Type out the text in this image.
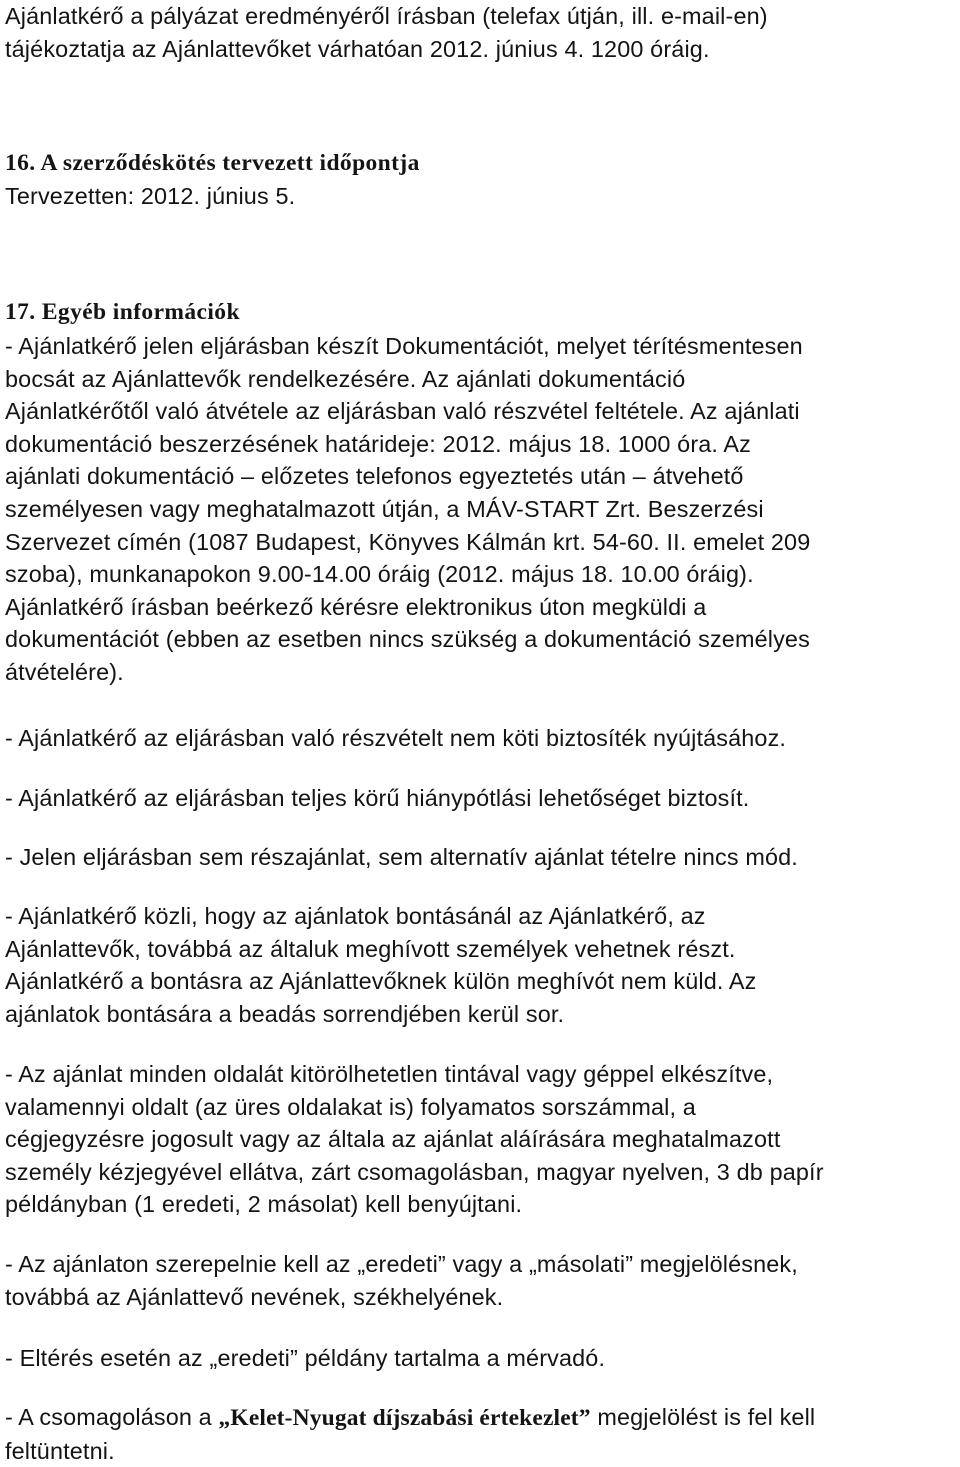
Ajánlatkérő a pályázat eredményéről írásban (telefax útján, ill. e-mail-en)

tájékoztatja az Ajánlattevőket várhatóan 2012. június 4. 1200 óráig.

16. A szerződéskötés tervezett időpontja

Tervezetten: 2012. június 5.

17. Egyéb információk

- Ajánlatkérő jelen eljárásban készít Dokumentációt, melyet térítésmentesen

bocsát az Ajánlattevők rendelkezésére. Az ajánlati dokumentáció

Ajánlatkérőtől való átvétele az eljárásban való részvétel feltétele. Az ajánlati

dokumentáció beszerzésének határideje: 2012. május 18. 1000 óra. Az

ajánlati dokumentáció – előzetes telefonos egyeztetés után – átvehető

személyesen vagy meghatalmazott útján, a MÁV-START Zrt. Beszerzési

Szervezet címén (1087 Budapest, Könyves Kálmán krt. 54-60. II. emelet 209

szoba), munkanapokon 9.00-14.00 óráig (2012. május 18. 10.00 óráig).

Ajánlatkérő írásban beérkező kérésre elektronikus úton megküldi a

dokumentációt (ebben az esetben nincs szükség a dokumentáció személyes

átvételére).

- Ajánlatkérő az eljárásban való részvételt nem köti biztosíték nyújtásához.

- Ajánlatkérő az eljárásban teljes körű hiánypótlási lehetőséget biztosít.

- Jelen eljárásban sem részajánlat, sem alternatív ajánlat tételre nincs mód.

- Ajánlatkérő közli, hogy az ajánlatok bontásánál az Ajánlatkérő, az

Ajánlattevők, továbbá az általuk meghívott személyek vehetnek részt.

Ajánlatkérő a bontásra az Ajánlattevőknek külön meghívót nem küld. Az

ajánlatok bontására a beadás sorrendjében kerül sor.

- Az ajánlat minden oldalát kitörölhetetlen tintával vagy géppel elkészítve,

valamennyi oldalt (az üres oldalakat is) folyamatos sorszámmal, a

cégjegyzésre jogosult vagy az általa az ajánlat aláírására meghatalmazott

személy kézjegyével ellátva, zárt csomagolásban, magyar nyelven, 3 db papír

példányban (1 eredeti, 2 másolat) kell benyújtani.

- Az ajánlaton szerepelnie kell az „eredeti” vagy a „másolati” megjelölésnek,

továbbá az Ajánlattevő nevének, székhelyének.

- Eltérés esetén az „eredeti” példány tartalma a mérvadó.

- A csomagoláson a „Kelet-Nyugat díjszabási értekezlet” megjelölést is fel kell

feltüntetni.
